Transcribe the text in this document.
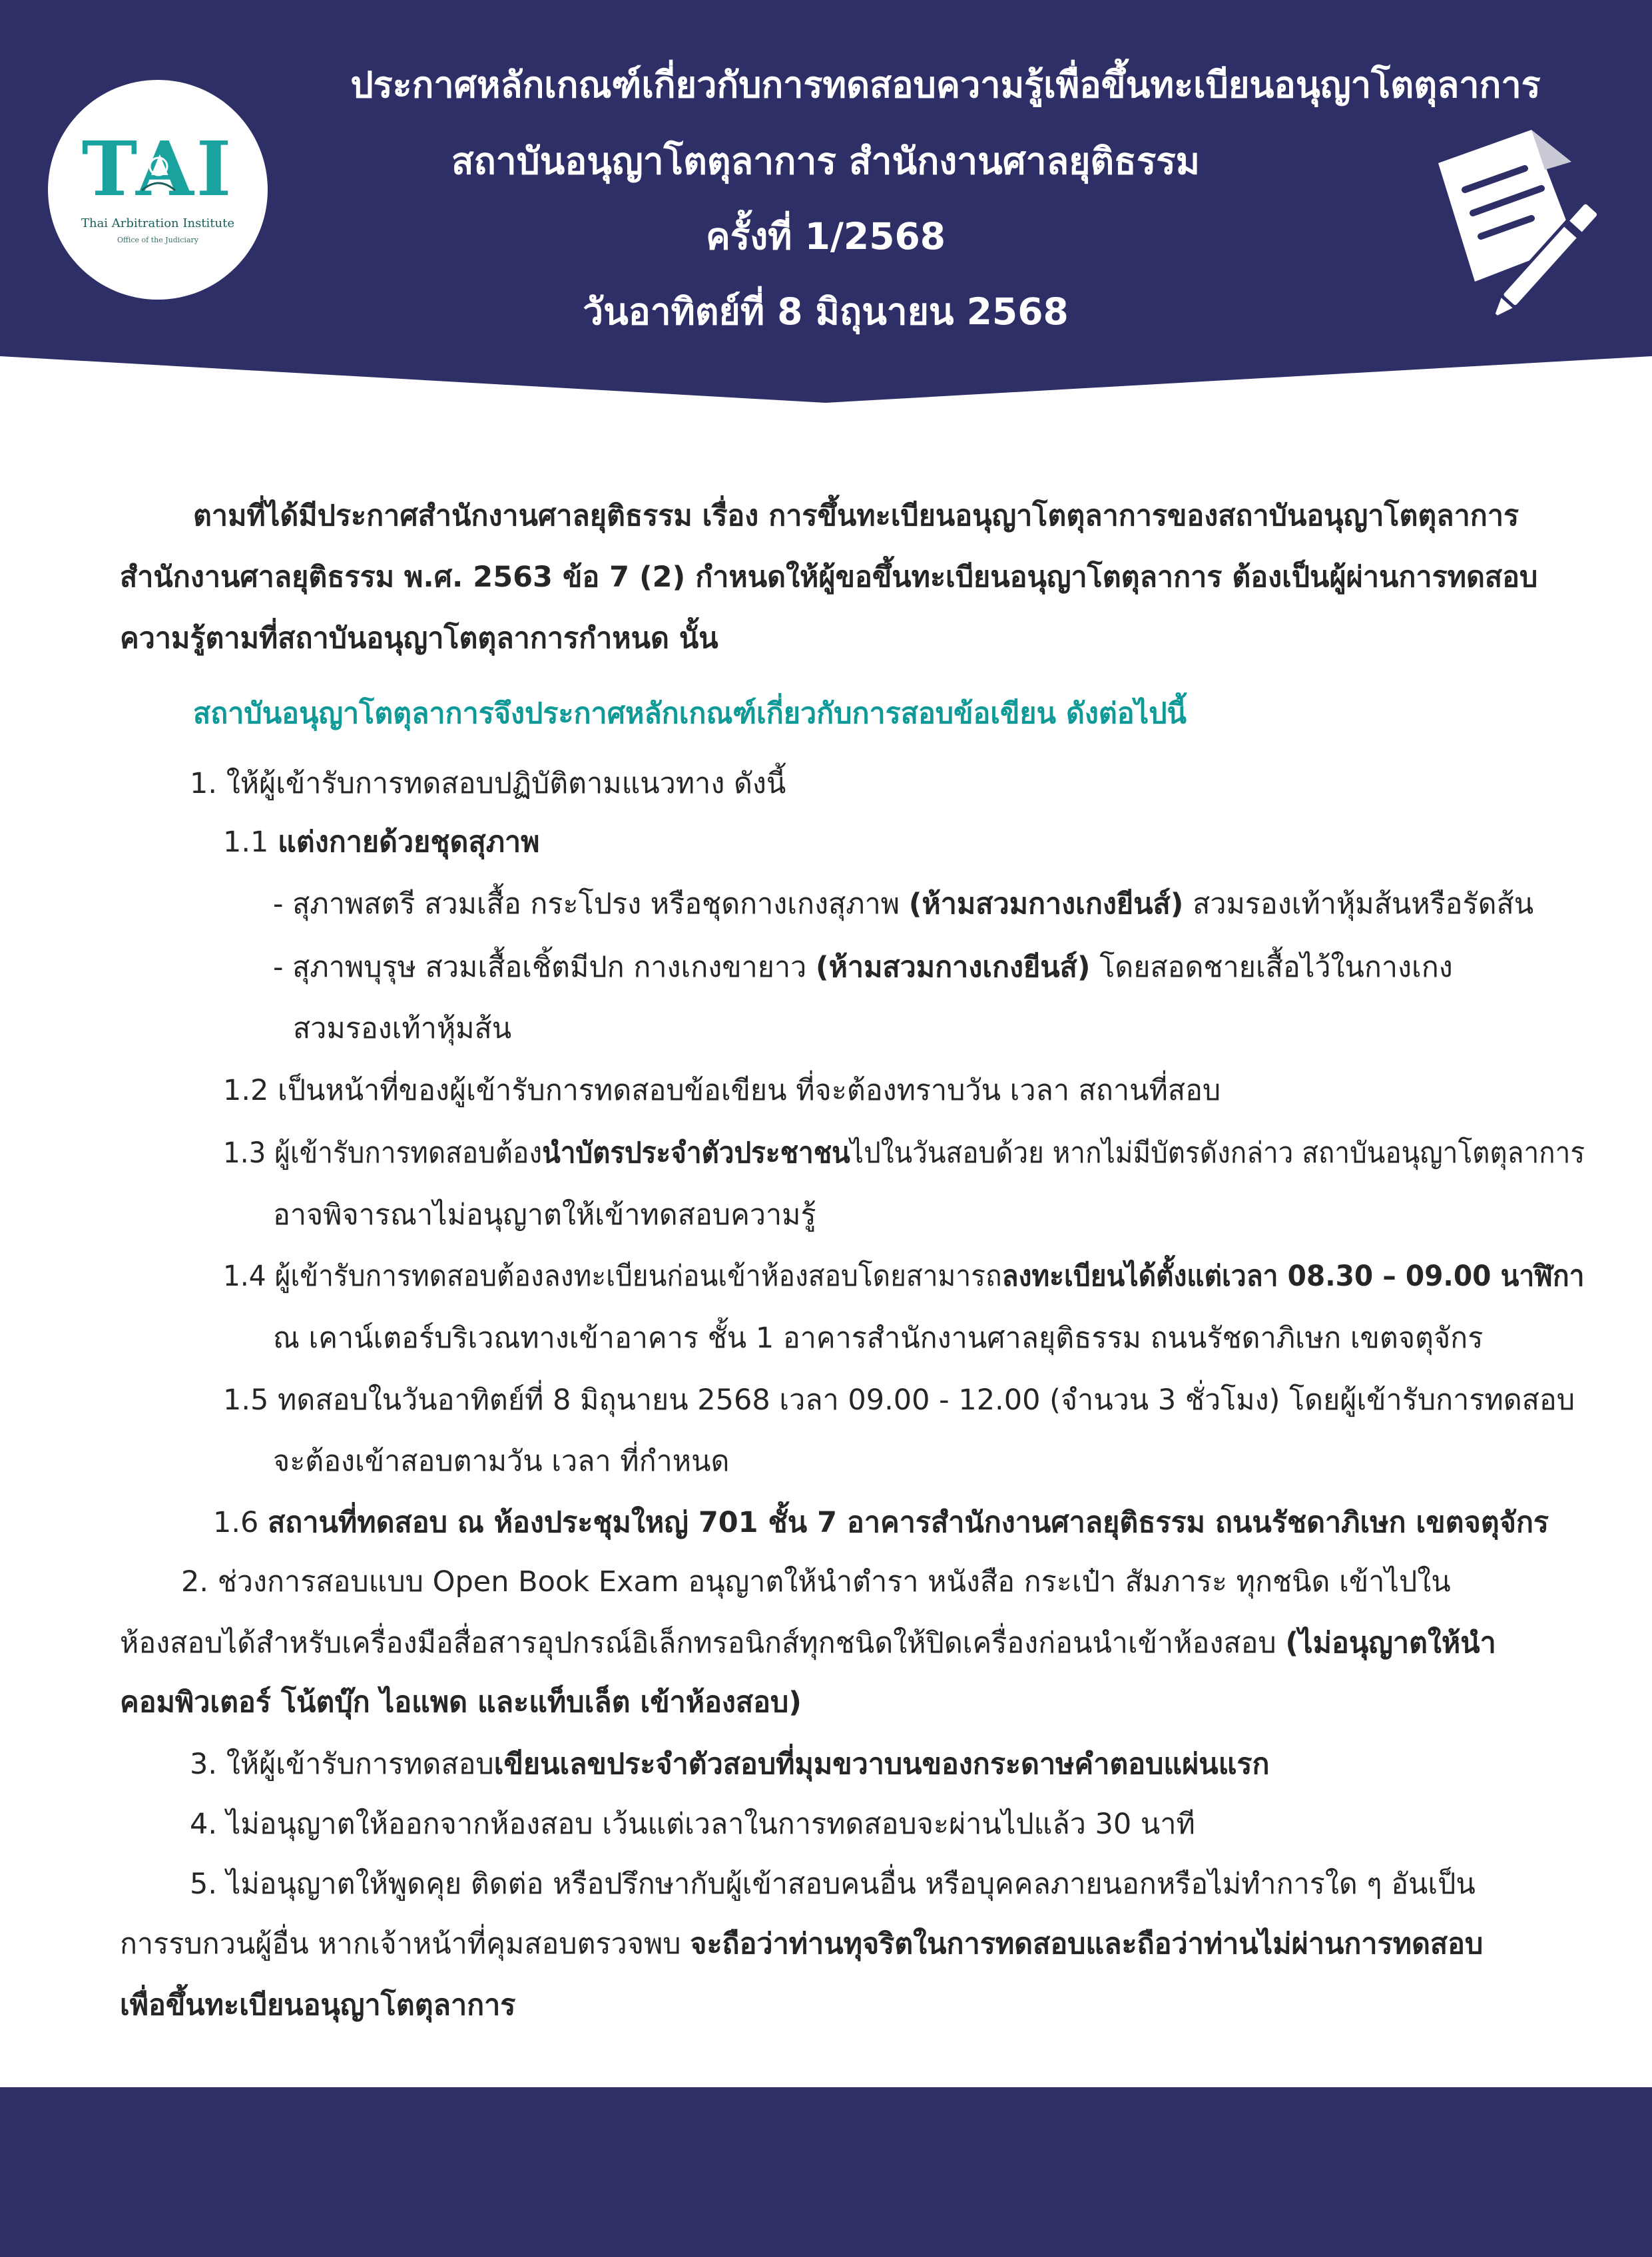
TAI
Thai Arbitration Institute
Office of the Judiciary
ประกาศหลักเกณฑ์เกี่ยวกับการทดสอบความรู้เพื่อขึ้นทะเบียนอนุญาโตตุลาการ
สถาบันอนุญาโตตุลาการ สำนักงานศาลยุติธรรม
ครั้งที่ 1/2568
วันอาทิตย์ที่ 8 มิถุนายน 2568
ตามที่ได้มีประกาศสำนักงานศาลยุติธรรม เรื่อง การขึ้นทะเบียนอนุญาโตตุลาการของสถาบันอนุญาโตตุลาการ
สำนักงานศาลยุติธรรม พ.ศ. 2563 ข้อ 7 (2) กำหนดให้ผู้ขอขึ้นทะเบียนอนุญาโตตุลาการ ต้องเป็นผู้ผ่านการทดสอบ
ความรู้ตามที่สถาบันอนุญาโตตุลาการกำหนด นั้น
สถาบันอนุญาโตตุลาการจึงประกาศหลักเกณฑ์เกี่ยวกับการสอบข้อเขียน ดังต่อไปนี้
1. ให้ผู้เข้ารับการทดสอบปฏิบัติตามแนวทาง ดังนี้
1.1 แต่งกายด้วยชุดสุภาพ
- สุภาพสตรี สวมเสื้อ กระโปรง หรือชุดกางเกงสุภาพ (ห้ามสวมกางเกงยีนส์) สวมรองเท้าหุ้มส้นหรือรัดส้น
- สุภาพบุรุษ สวมเสื้อเชิ้ตมีปก กางเกงขายาว (ห้ามสวมกางเกงยีนส์) โดยสอดชายเสื้อไว้ในกางเกง
สวมรองเท้าหุ้มส้น
1.2 เป็นหน้าที่ของผู้เข้ารับการทดสอบข้อเขียน ที่จะต้องทราบวัน เวลา สถานที่สอบ
1.3 ผู้เข้ารับการทดสอบต้องนำบัตรประจำตัวประชาชนไปในวันสอบด้วย หากไม่มีบัตรดังกล่าว สถาบันอนุญาโตตุลาการ
อาจพิจารณาไม่อนุญาตให้เข้าทดสอบความรู้
1.4 ผู้เข้ารับการทดสอบต้องลงทะเบียนก่อนเข้าห้องสอบโดยสามารถลงทะเบียนได้ตั้งแต่เวลา 08.30 – 09.00 นาฬิกา
ณ เคาน์เตอร์บริเวณทางเข้าอาคาร ชั้น 1 อาคารสำนักงานศาลยุติธรรม ถนนรัชดาภิเษก เขตจตุจักร
1.5 ทดสอบในวันอาทิตย์ที่ 8 มิถุนายน 2568 เวลา 09.00 - 12.00 (จำนวน 3 ชั่วโมง) โดยผู้เข้ารับการทดสอบ
จะต้องเข้าสอบตามวัน เวลา ที่กำหนด
1.6 สถานที่ทดสอบ ณ ห้องประชุมใหญ่ 701 ชั้น 7 อาคารสำนักงานศาลยุติธรรม ถนนรัชดาภิเษก เขตจตุจักร
2. ช่วงการสอบแบบ Open Book Exam อนุญาตให้นำตำรา หนังสือ กระเป๋า สัมภาระ ทุกชนิด เข้าไปใน
ห้องสอบได้สำหรับเครื่องมือสื่อสารอุปกรณ์อิเล็กทรอนิกส์ทุกชนิดให้ปิดเครื่องก่อนนำเข้าห้องสอบ (ไม่อนุญาตให้นำ
คอมพิวเตอร์ โน้ตบุ๊ก ไอแพด และแท็บเล็ต เข้าห้องสอบ)
3. ให้ผู้เข้ารับการทดสอบเขียนเลขประจำตัวสอบที่มุมขวาบนของกระดาษคำตอบแผ่นแรก
4. ไม่อนุญาตให้ออกจากห้องสอบ เว้นแต่เวลาในการทดสอบจะผ่านไปแล้ว 30 นาที
5. ไม่อนุญาตให้พูดคุย ติดต่อ หรือปรึกษากับผู้เข้าสอบคนอื่น หรือบุคคลภายนอกหรือไม่ทำการใด ๆ อันเป็น
การรบกวนผู้อื่น หากเจ้าหน้าที่คุมสอบตรวจพบ จะถือว่าท่านทุจริตในการทดสอบและถือว่าท่านไม่ผ่านการทดสอบ
เพื่อขึ้นทะเบียนอนุญาโตตุลาการ
